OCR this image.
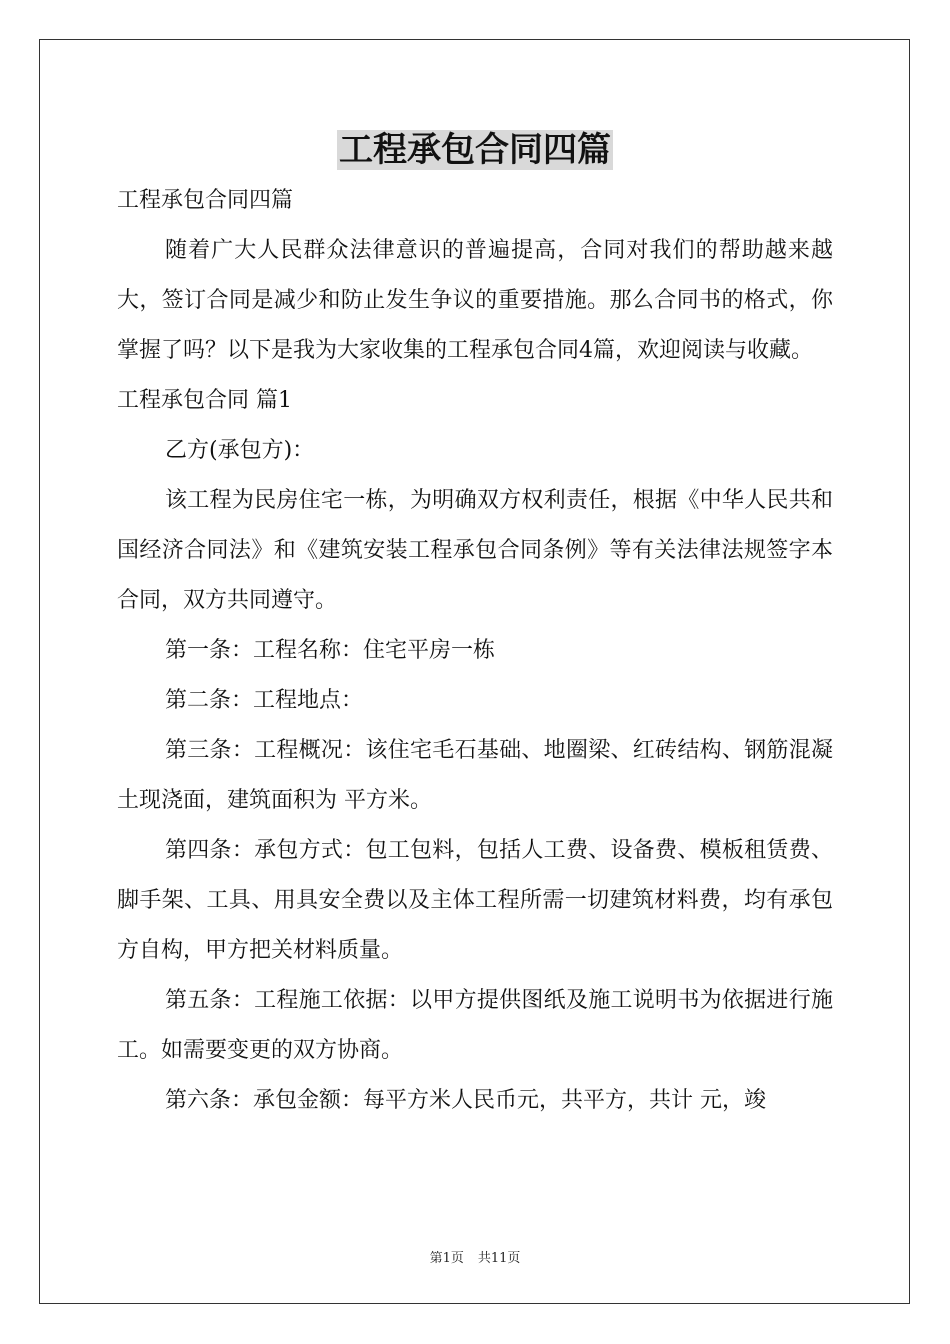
工程承包合同四篇

工程承包合同四篇

随着广大人民群众法律意识的普遍提高，合同对我们的帮助越来越大，签订合同是减少和防止发生争议的重要措施。那么合同书的格式，你掌握了吗？以下是我为大家收集的工程承包合同4篇，欢迎阅读与收藏。

工程承包合同 篇1

乙方(承包方)：

该工程为民房住宅一栋，为明确双方权利责任，根据《中华人民共和国经济合同法》和《建筑安装工程承包合同条例》等有关法律法规签字本合同，双方共同遵守。

第一条：工程名称：住宅平房一栋

第二条：工程地点：

第三条：工程概况：该住宅毛石基础、地圈梁、红砖结构、钢筋混凝土现浇面，建筑面积为 平方米。

第四条：承包方式：包工包料，包括人工费、设备费、模板租赁费、脚手架、工具、用具安全费以及主体工程所需一切建筑材料费，均有承包方自构，甲方把关材料质量。

第五条：工程施工依据：以甲方提供图纸及施工说明书为依据进行施工。如需要变更的双方协商。

第六条：承包金额：每平方米人民币元，共平方，共计 元，竣

第1页 共11页
